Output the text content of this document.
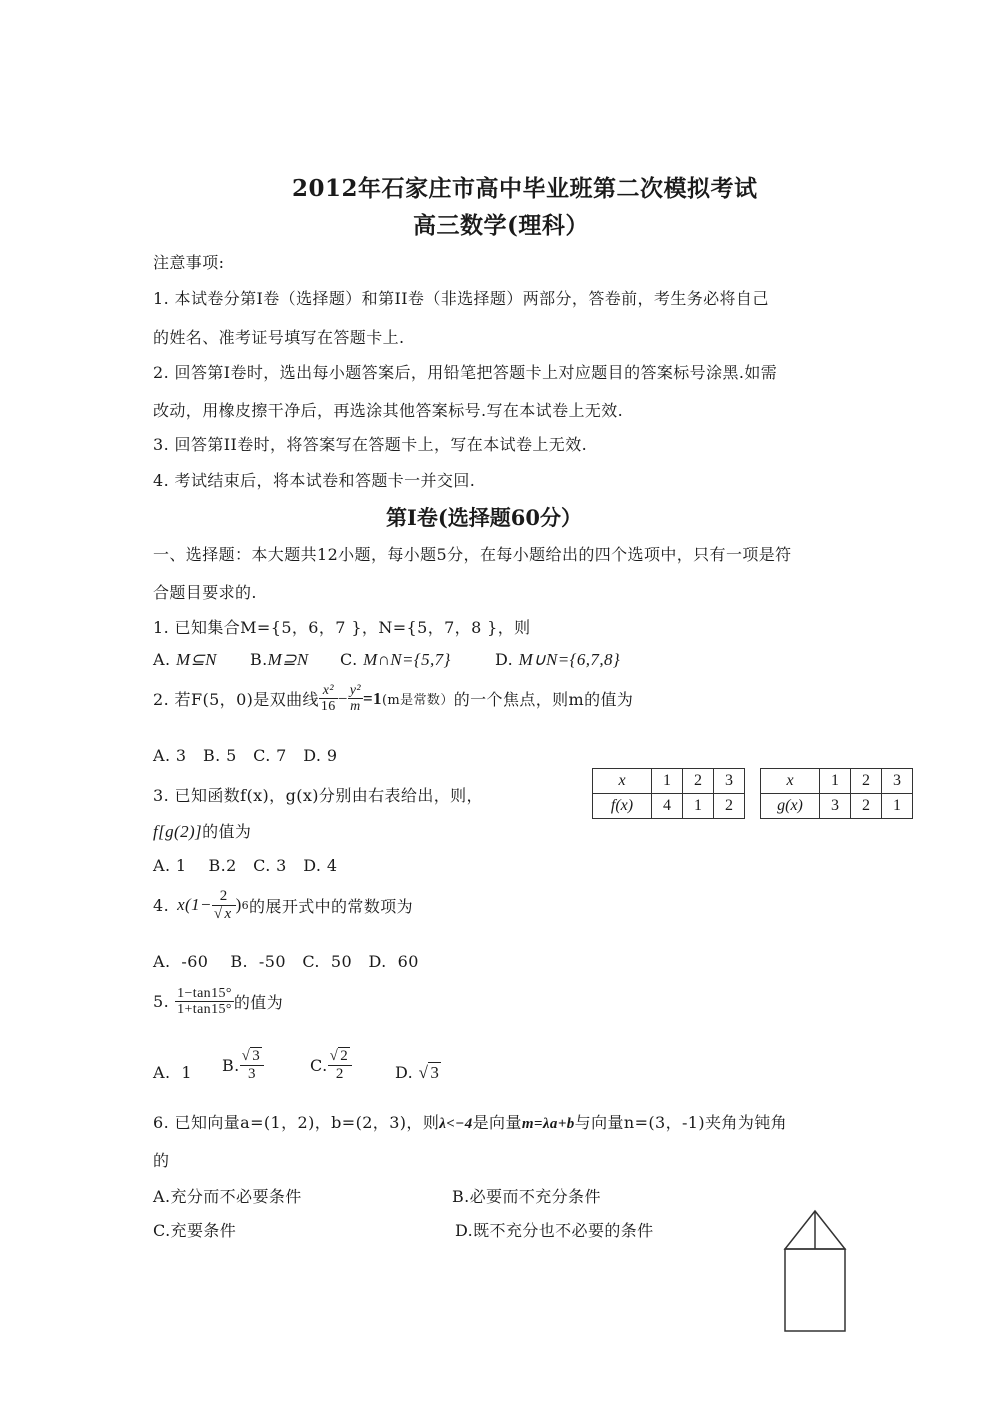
2012年石家庄市高中毕业班第二次模拟考试
高三数学(理科）
注意事项:
1. 本试卷分第Ⅰ卷（选择题）和第II卷（非选择题）两部分，答卷前，考生务必将自己
的姓名、准考证号填写在答题卡上.
2. 回答第Ⅰ卷时，选出每小题答案后，用铅笔把答题卡上对应题目的答案标号涂黑.如需
改动，用橡皮擦干净后，再选涂其他答案标号.写在本试卷上无效.
3. 回答第II卷时，将答案写在答题卡上，写在本试卷上无效.
4. 考试结束后，将本试卷和答题卡一并交回.
第Ⅰ卷(选择题60分）
一、选择题：本大题共12小题，每小题5分，在每小题给出的四个选项中，只有一项是符
合题目要求的.
1. 已知集合M={5，6，7 }，N={5，7，8 }，则
A. M⊆N B.M⊇N C. M∩N={5,7}	D. M∪N={6,7,8}
2. 若F(5，0)是双曲线 $\frac{\text{x²}}{16} - \frac{\text{y²}}{m} =1$ (m是常数） 的一个焦点，则m的值为
A. 3   B. 5   C. 7   D. 9
3. 已知函数f(x)，g(x)分别由右表给出，则，
f[g(2)]的值为
A. 1    B.2   C. 3   D. 4
x	1	2	3
f(x)	4	1	2
x	1	2	3
g(x)	3	2	1
4. $x(1- \frac{2}{√ x}$ ) 6 的展开式中的常数项为
A.  -60    B.  -50   C.  50   D.  60
5. $\frac{1-\tan 15^\circ}{1+\tan 15^\circ}$ 的值为
A.  1 B. $\frac{√ 3}{3}$	C. $\frac{√ 2}{2}$	D. √ 3
6. 已知向量a=(1，2)，b=(2，3)，则λ<−4是向量m=λa+b与向量n=(3，-1)夹角为钝角
的
A.充分而不必要条件	B.必要而不充分条件
C.充要条件	D.既不充分也不必要的条件
